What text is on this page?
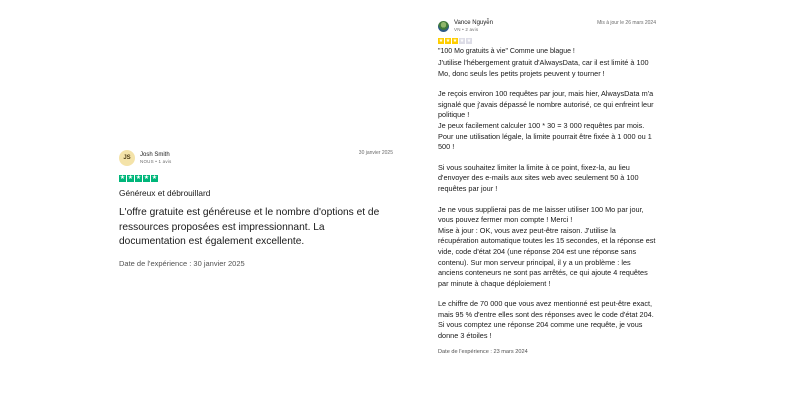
JS
Josh Smith
NOUS • 1 avis
30 janvier 2025
★ ★ ★ ★ ★
Généreux et débrouillard
L'offre gratuite est généreuse et le nombre d'options et de ressources proposées est impressionnant. La documentation est également excellente.
Date de l'expérience : 30 janvier 2025
Vance Nguyễn
VN • 2 avis
Mis à jour le 26 mars 2024
★ ★ ★ ★ ★
"100 Mo gratuits à vie" Comme une blague !

J'utilise l'hébergement gratuit d'AlwaysData, car il est limité à 100 Mo, donc seuls les petits projets peuvent y tourner !

Je reçois environ 100 requêtes par jour, mais hier, AlwaysData m'a signalé que j'avais dépassé le nombre autorisé, ce qui enfreint leur politique !

Je peux facilement calculer 100 * 30 = 3 000 requêtes par mois. Pour une utilisation légale, la limite pourrait être fixée à 1 000 ou 1 500 !

Si vous souhaitez limiter la limite à ce point, fixez-la, au lieu d'envoyer des e-mails aux sites web avec seulement 50 à 100 requêtes par jour !

Je ne vous supplierai pas de me laisser utiliser 100 Mo par jour, vous pouvez fermer mon compte ! Merci !

Mise à jour : OK, vous avez peut-être raison. J'utilise la récupération automatique toutes les 15 secondes, et la réponse est vide, code d'état 204 (une réponse 204 est une réponse sans contenu). Sur mon serveur principal, il y a un problème : les anciens conteneurs ne sont pas arrêtés, ce qui ajoute 4 requêtes par minute à chaque déploiement !

Le chiffre de 70 000 que vous avez mentionné est peut-être exact, mais 95 % d'entre elles sont des réponses avec le code d'état 204. Si vous comptez une réponse 204 comme une requête, je vous donne 3 étoiles !

Date de l'expérience : 23 mars 2024
